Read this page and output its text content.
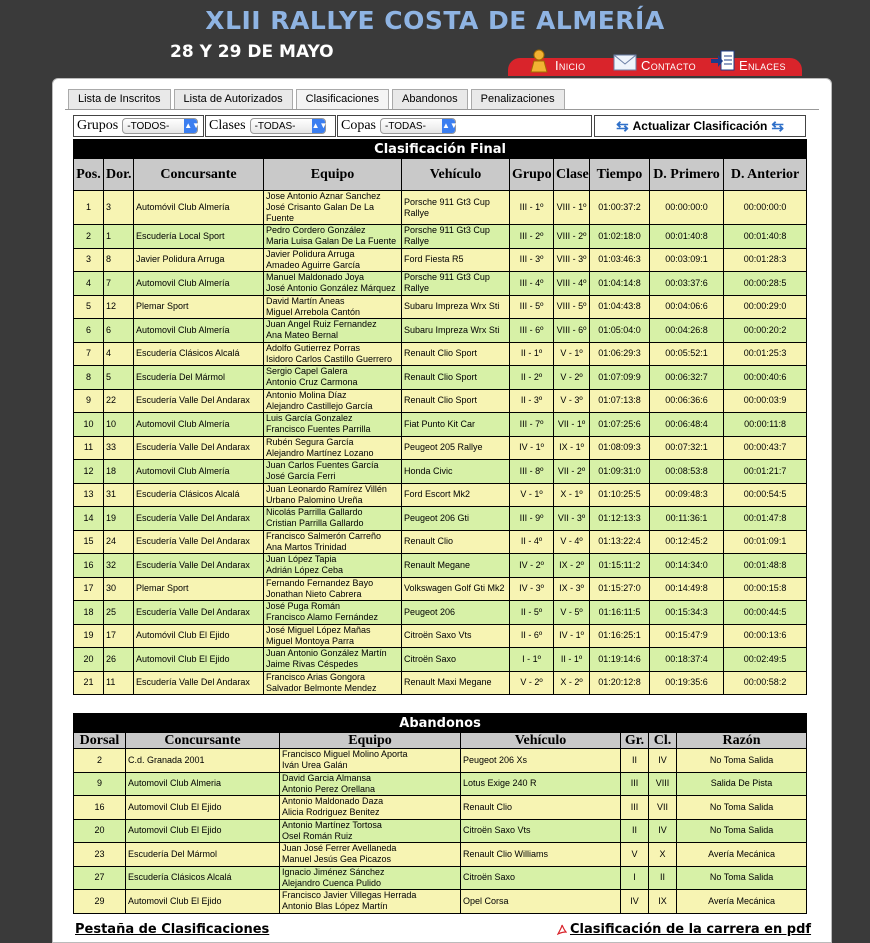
XLII RALLYE COSTA DE ALMERÍA
28 Y 29 DE MAYO
Inicio	Contacto	Enlaces
Lista de Inscritos	Lista de Autorizados	Clasificaciones	Abandonos	Penalizaciones
Grupos -TODOS-	▲▼ Clases -TODAS-	▲▼ Copas -TODAS-	▲▼	⇆ Actualizar Clasificación ⇆
Clasificación Final									
Pos.	Dor.	Concursante	Equipo	Vehículo	Grupo	Clase	Tiempo	D. Primero	D. Anterior
1	3	Automóvil Club Almería	Jose Antonio Aznar Sanchez
José Crisanto Galan De La Fuente	Porsche 911 Gt3 Cup Rallye	III - 1º	VIII - 1º	01:00:37:2	00:00:00:0	00:00:00:0
2	1	Escudería Local Sport	Pedro Cordero González
Maria Luisa Galan De La Fuente	Porsche 911 Gt3 Cup Rallye	III - 2º	VIII - 2º	01:02:18:0	00:01:40:8	00:01:40:8
3	8	Javier Polidura Arruga	Javier Polidura Arruga
Amadeo Aguirre García	Ford Fiesta R5	III - 3º	VIII - 3º	01:03:46:3	00:03:09:1	00:01:28:3
4	7	Automovil Club Almería	Manuel Maldonado Joya
José Antonio González Márquez	Porsche 911 Gt3 Cup Rallye	III - 4º	VIII - 4º	01:04:14:8	00:03:37:6	00:00:28:5
5	12	Plemar Sport	David Martín Aneas
Miguel Arrebola Cantón	Subaru Impreza Wrx Sti	III - 5º	VIII - 5º	01:04:43:8	00:04:06:6	00:00:29:0
6	6	Automovil Club Almería	Juan Angel Ruiz Fernandez
Ana Mateo Bernal	Subaru Impreza Wrx Sti	III - 6º	VIII - 6º	01:05:04:0	00:04:26:8	00:00:20:2
7	4	Escudería Clásicos Alcalá	Adolfo Gutierrez Porras
Isidoro Carlos Castillo Guerrero	Renault Clio Sport	II - 1º	V - 1º	01:06:29:3	00:05:52:1	00:01:25:3
8	5	Escudería Del Mármol	Sergio Capel Galera
Antonio Cruz Carmona	Renault Clio Sport	II - 2º	V - 2º	01:07:09:9	00:06:32:7	00:00:40:6
9	22	Escudería Valle Del Andarax	Antonio Molina Díaz
Alejandro Castillejo García	Renault Clio Sport	II - 3º	V - 3º	01:07:13:8	00:06:36:6	00:00:03:9
10	10	Automovil Club Almería	Luis García Gonzalez
Francisco Fuentes Parrilla	Fiat Punto Kit Car	III - 7º	VII - 1º	01:07:25:6	00:06:48:4	00:00:11:8
11	33	Escudería Valle Del Andarax	Rubén Segura García
Alejandro Martínez Lozano	Peugeot 205 Rallye	IV - 1º	IX - 1º	01:08:09:3	00:07:32:1	00:00:43:7
12	18	Automovil Club Almería	Juan Carlos Fuentes García
José García Ferri	Honda Civic	III - 8º	VII - 2º	01:09:31:0	00:08:53:8	00:01:21:7
13	31	Escudería Clásicos Alcalá	Juan Leonardo Ramírez Villén
Urbano Palomino Ureña	Ford Escort Mk2	V - 1º	X - 1º	01:10:25:5	00:09:48:3	00:00:54:5
14	19	Escudería Valle Del Andarax	Nicolás Parrilla Gallardo
Cristian Parrilla Gallardo	Peugeot 206 Gti	III - 9º	VII - 3º	01:12:13:3	00:11:36:1	00:01:47:8
15	24	Escudería Valle Del Andarax	Francisco Salmerón Carreño
Ana Martos Trinidad	Renault Clio	II - 4º	V - 4º	01:13:22:4	00:12:45:2	00:01:09:1
16	32	Escudería Valle Del Andarax	Juan López Tapia
Adrián López Ceba	Renault Megane	IV - 2º	IX - 2º	01:15:11:2	00:14:34:0	00:01:48:8
17	30	Plemar Sport	Fernando Fernandez Bayo
Jonathan Nieto Cabrera	Volkswagen Golf Gti Mk2	IV - 3º	IX - 3º	01:15:27:0	00:14:49:8	00:00:15:8
18	25	Escudería Valle Del Andarax	José Puga Román
Francisco Alamo Fernández	Peugeot 206	II - 5º	V - 5º	01:16:11:5	00:15:34:3	00:00:44:5
19	17	Automóvil Club El Ejido	José Miguel López Mañas
Miguel Montoya Parra	Citroën Saxo Vts	II - 6º	IV - 1º	01:16:25:1	00:15:47:9	00:00:13:6
20	26	Automovil Club El Ejido	Juan Antonio González Martín
Jaime Rivas Céspedes	Citroën Saxo	I - 1º	II - 1º	01:19:14:6	00:18:37:4	00:02:49:5
21	11	Escudería Valle Del Andarax	Francisco Arias Gongora
Salvador Belmonte Mendez	Renault Maxi Megane	V - 2º	X - 2º	01:20:12:8	00:19:35:6	00:00:58:2
Abandonos						
Dorsal	Concursante	Equipo	Vehículo	Gr.	Cl.	Razón
2	C.d. Granada 2001	Francisco Miguel Molino Aporta
Iván Urea Galán	Peugeot 206 Xs	II	IV	No Toma Salida
9	Automovil Club Almeria	David Garcia Almansa
Antonio Perez Orellana	Lotus Exige 240 R	III	VIII	Salida De Pista
16	Automovil Club El Ejido	Antonio Maldonado Daza
Alicia Rodriguez Benitez	Renault Clio	III	VII	No Toma Salida
20	Automovil Club El Ejido	Antonio Martínez Tortosa
Osel Román Ruiz	Citroën Saxo Vts	II	IV	No Toma Salida
23	Escudería Del Mármol	Juan José Ferrer Avellaneda
Manuel Jesús Gea Picazos	Renault Clio Williams	V	X	Avería Mecánica
27	Escudería Clásicos Alcalá	Ignacio Jiménez Sánchez
Alejandro Cuenca Pulido	Citroën Saxo	I	II	No Toma Salida
29	Automovil Club El Ejido	Francisco Javier Villegas Herrada
Antonio Blas López Martín	Opel Corsa	IV	IX	Avería Mecánica
Pestaña de Clasificaciones	Clasificación de la carrera en pdf
